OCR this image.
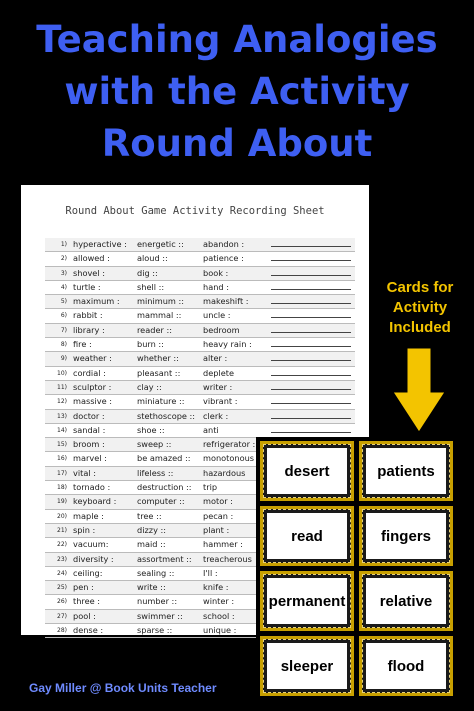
Teaching Analogies
with the Activity
Round About
Round About Game Activity Recording Sheet
1) hyperactive : energetic :: abandon :
2) allowed :	aloud ::	patience :
3) shovel :	dig ::	book :
4) turtle :	shell ::	hand :
5) maximum : minimum :: makeshift :
6) rabbit :	mammal ::	uncle :
7) library :	reader ::	bedroom
8) fire :	burn ::	heavy rain :
9) weather :	whether ::	alter :
10) cordial :	pleasant ::	deplete
11) sculptor :	clay ::	writer :
12) massive :	miniature :: vibrant :
13) doctor :	stethoscope :: clerk :
14) sandal :	shoe ::	anti
15) broom :	sweep ::	refrigerator :
16) marvel :	be amazed :: monotonous
17) vital :	lifeless ::	hazardous
18) tornado :	destruction :: trip
19) keyboard :	computer :: motor :
20) maple :	tree ::	pecan :
21) spin :	dizzy ::	plant :
22) vacuum:	maid ::	hammer :
23) diversity :	assortment :: treacherous
24) ceiling:	sealing ::	I'll :
25) pen :	write ::	knife :
26) three :	number ::	winter :
27) pool :	swimmer :: school :
28) dense :	sparse ::	unique :
Cards for
Activity
Included
desert	patients
read	fingers
permanent	relative
sleeper	flood
Gay Miller @ Book Units Teacher
